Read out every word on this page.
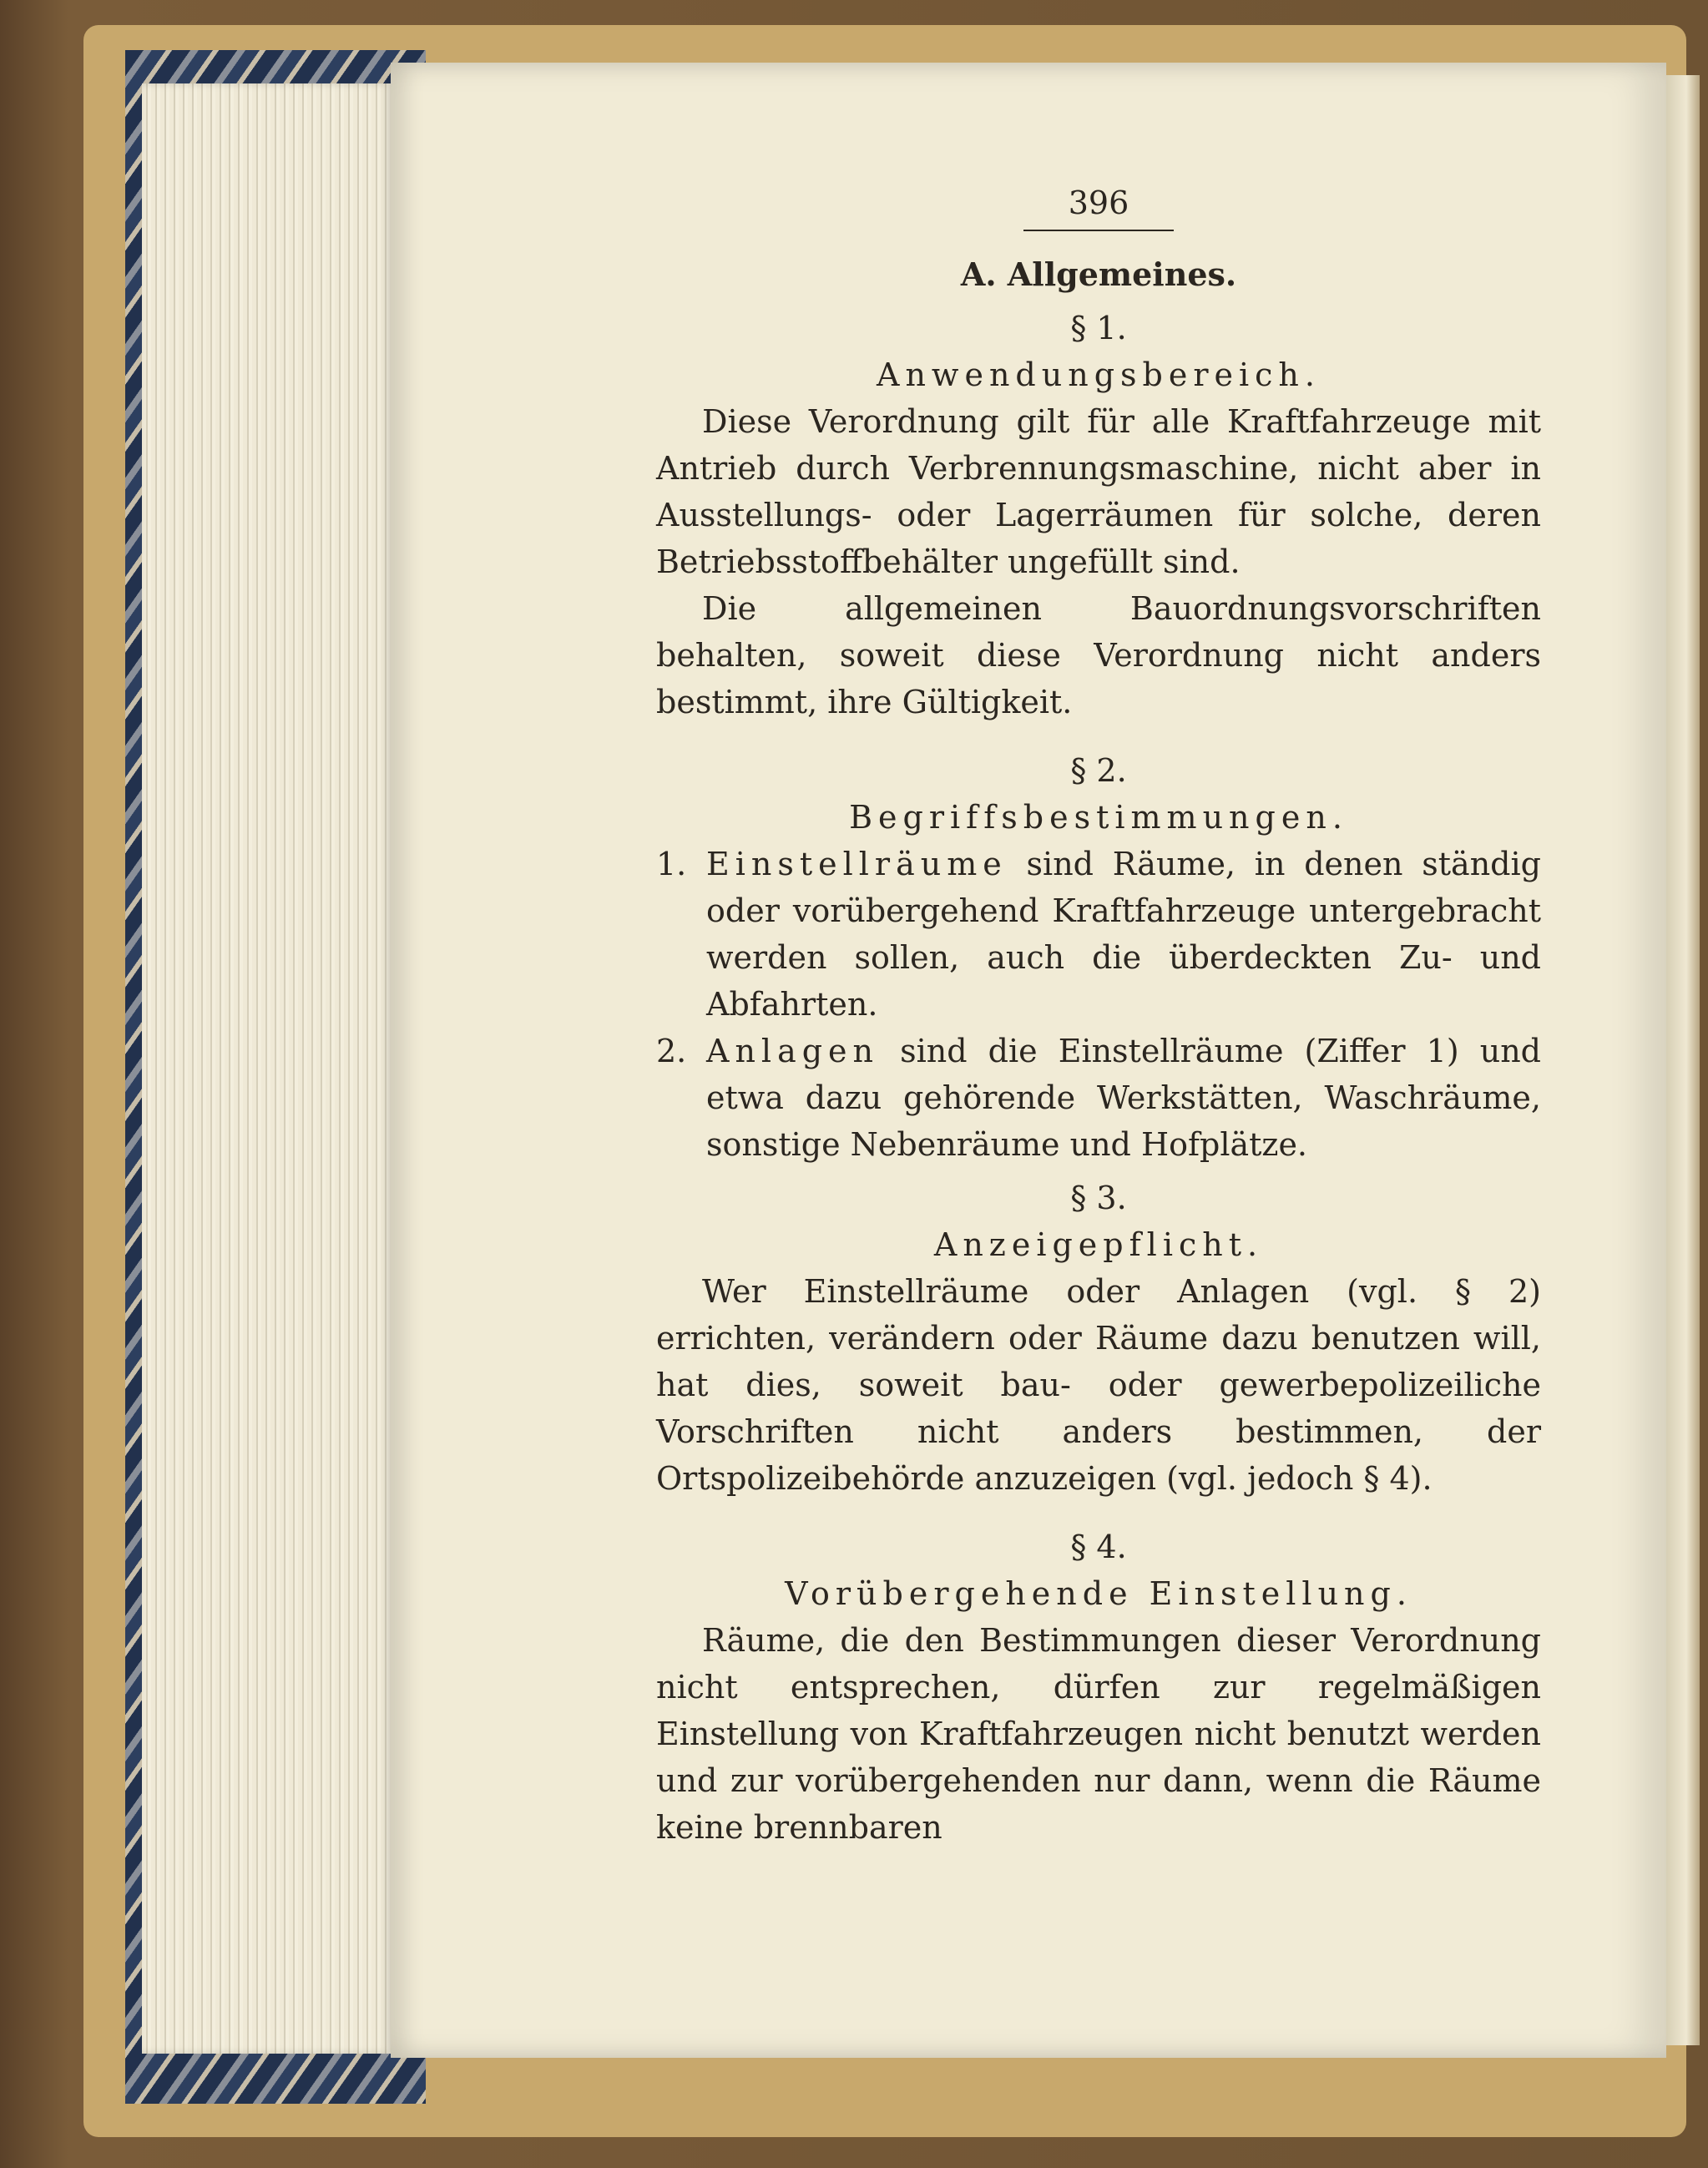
396
A. Allgemeines.
§ 1.
Anwendungsbereich.

Diese Verordnung gilt für alle Kraftfahrzeuge mit Antrieb durch Verbrennungsmaschine, nicht aber in Ausstellungs- oder Lagerräumen für solche, deren Betriebsstoffbehälter ungefüllt sind.

Die allgemeinen Bauordnungsvorschriften behalten, soweit diese Verordnung nicht anders bestimmt, ihre Gültigkeit.

§ 2.
Begriffsbestimmungen.
1. Einstellräume sind Räume, in denen ständig oder vorübergehend Kraftfahrzeuge untergebracht werden sollen, auch die überdeckten Zu- und Abfahrten.
2. Anlagen sind die Einstellräume (Ziffer 1) und etwa dazu gehörende Werkstätten, Waschräume, sonstige Nebenräume und Hofplätze.
§ 3.
Anzeigepflicht.

Wer Einstellräume oder Anlagen (vgl. § 2) errichten, verändern oder Räume dazu benutzen will, hat dies, soweit bau- oder gewerbepolizeiliche Vorschriften nicht anders bestimmen, der Ortspolizeibehörde anzuzeigen (vgl. jedoch § 4).

§ 4.
Vorübergehende Einstellung.

Räume, die den Bestimmungen dieser Verordnung nicht entsprechen, dürfen zur regelmäßigen Einstellung von Kraftfahrzeugen nicht benutzt werden und zur vorübergehenden nur dann, wenn die Räume keine brennbaren
